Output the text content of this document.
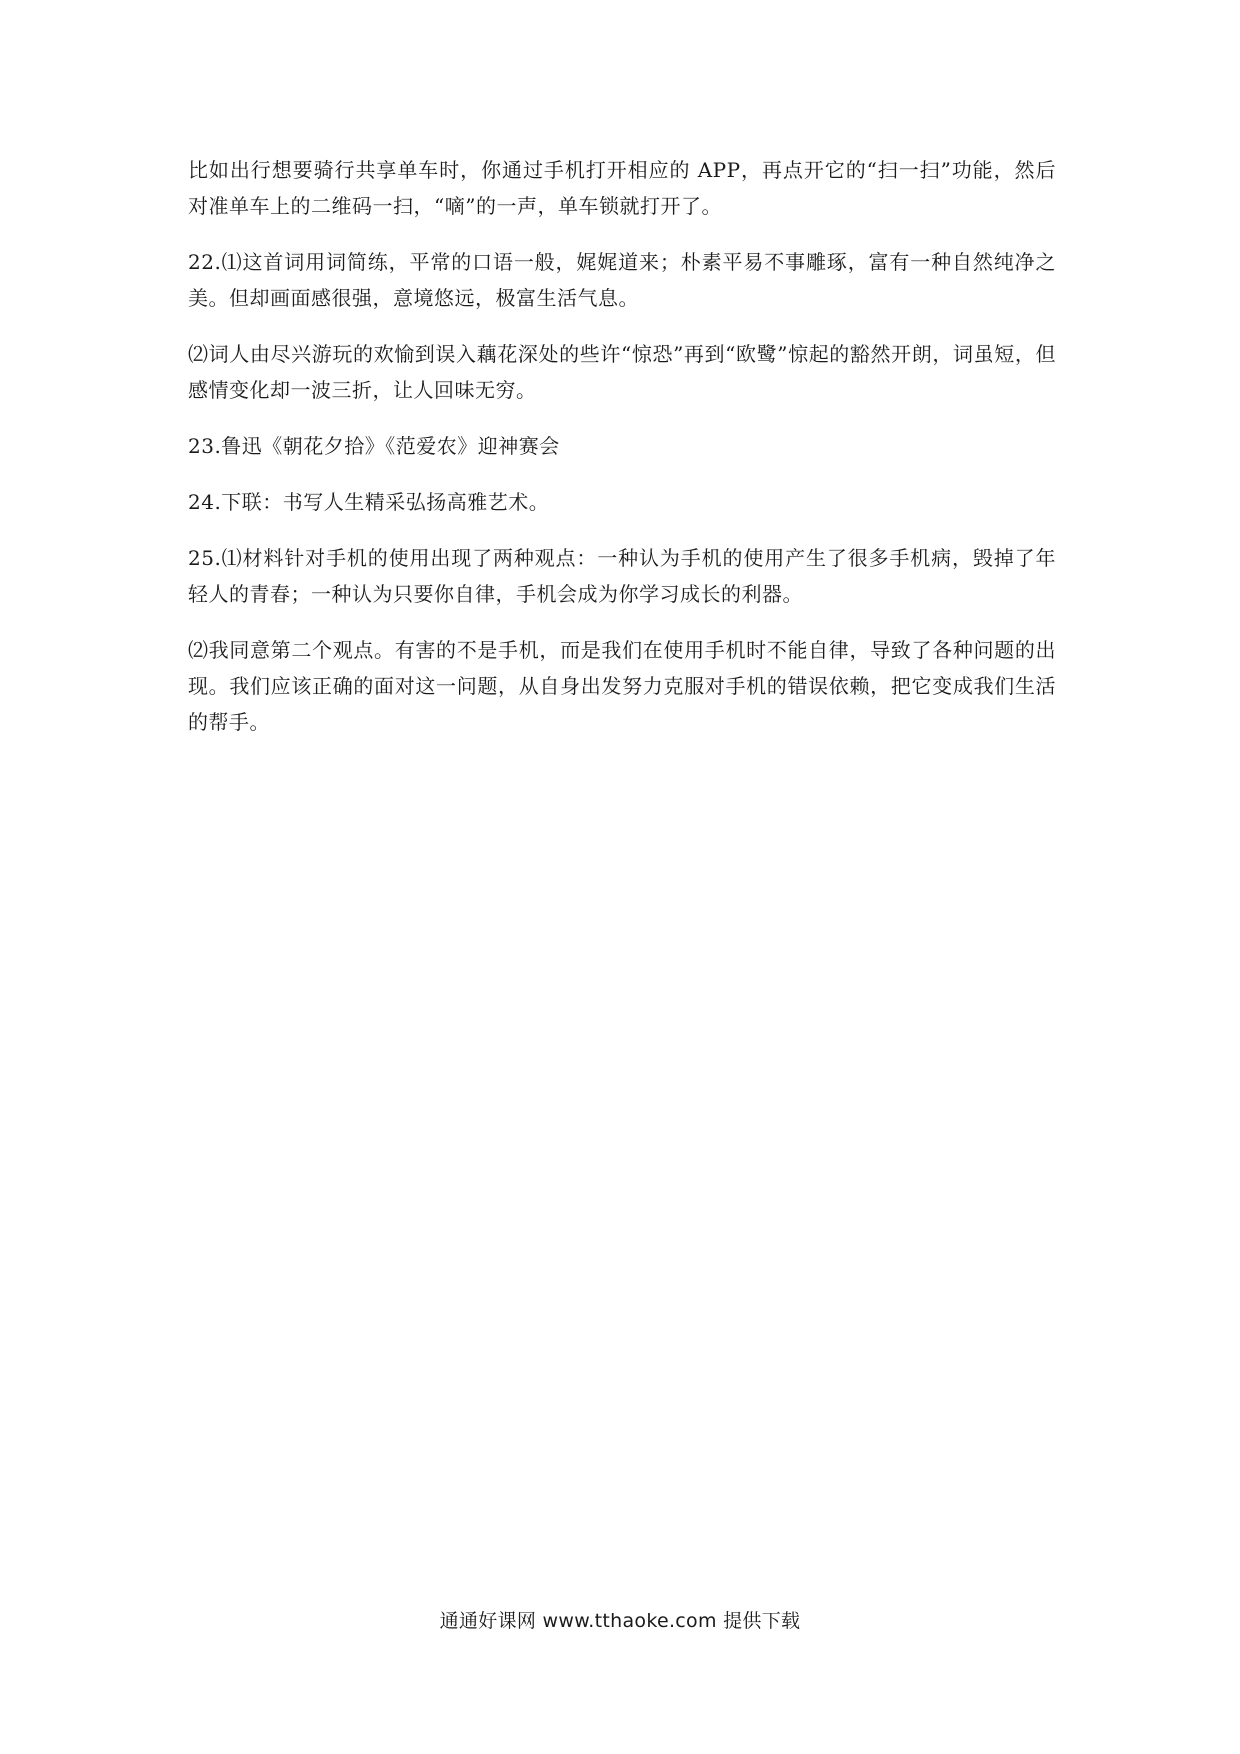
比如出行想要骑行共享单车时，你通过手机打开相应的 APP，再点开它的“扫一扫”功能，然后对准单车上的二维码一扫，“嘀”的一声，单车锁就打开了。

22.⑴这首词用词简练，平常的口语一般，娓娓道来；朴素平易不事雕琢，富有一种自然纯净之美。但却画面感很强，意境悠远，极富生活气息。

⑵词人由尽兴游玩的欢愉到误入藕花深处的些许“惊恐”再到“欧鹭”惊起的豁然开朗，词虽短，但感情变化却一波三折，让人回味无穷。

23.鲁迅《朝花夕拾》《范爱农》迎神赛会

24.下联：书写人生精采弘扬高雅艺术。

25.⑴材料针对手机的使用出现了两种观点：一种认为手机的使用产生了很多手机病，毁掉了年轻人的青春；一种认为只要你自律，手机会成为你学习成长的利器。

⑵我同意第二个观点。有害的不是手机，而是我们在使用手机时不能自律，导致了各种问题的出现。我们应该正确的面对这一问题，从自身出发努力克服对手机的错误依赖，把它变成我们生活的帮手。

通通好课网 www.tthaoke.com 提供下载
